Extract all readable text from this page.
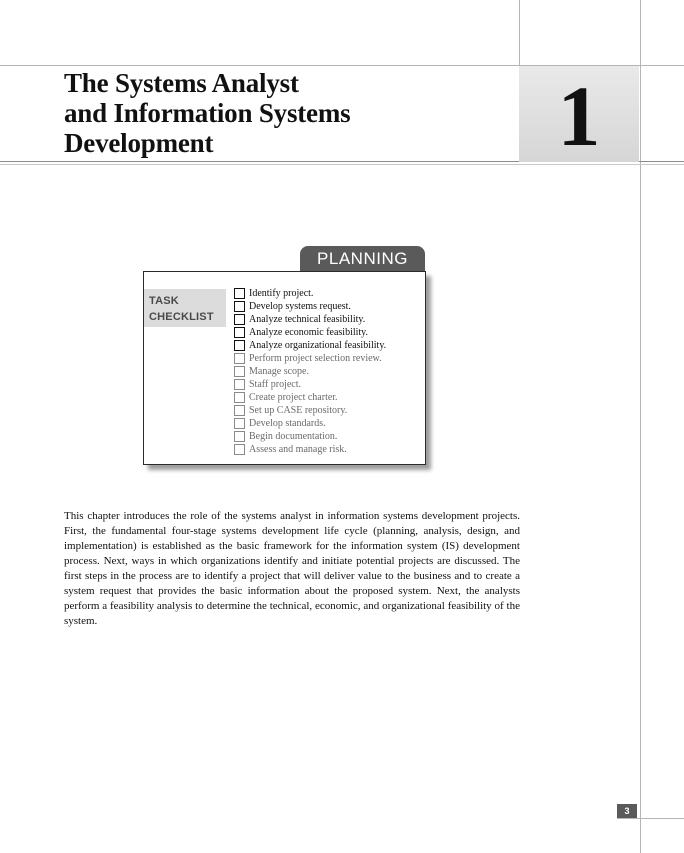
1
The Systems Analyst
and Information Systems
Development
PLANNING
TASK
CHECKLIST
Identify project.
Develop systems request.
Analyze technical feasibility.
Analyze economic feasibility.
Analyze organizational feasibility.
Perform project selection review.
Manage scope.
Staff project.
Create project charter.
Set up CASE repository.
Develop standards.
Begin documentation.
Assess and manage risk.

This chapter introduces the role of the systems analyst in information systems development projects. First, the fundamental four-stage systems development life cycle (planning, analysis, design, and implementation) is established as the basic framework for the information system (IS) development process. Next, ways in which organizations identify and initiate potential projects are discussed. The first steps in the process are to identify a project that will deliver value to the business and to create a system request that provides the basic information about the proposed system. Next, the analysts perform a feasibility analysis to determine the technical, economic, and organizational feasibility of the system.

3
